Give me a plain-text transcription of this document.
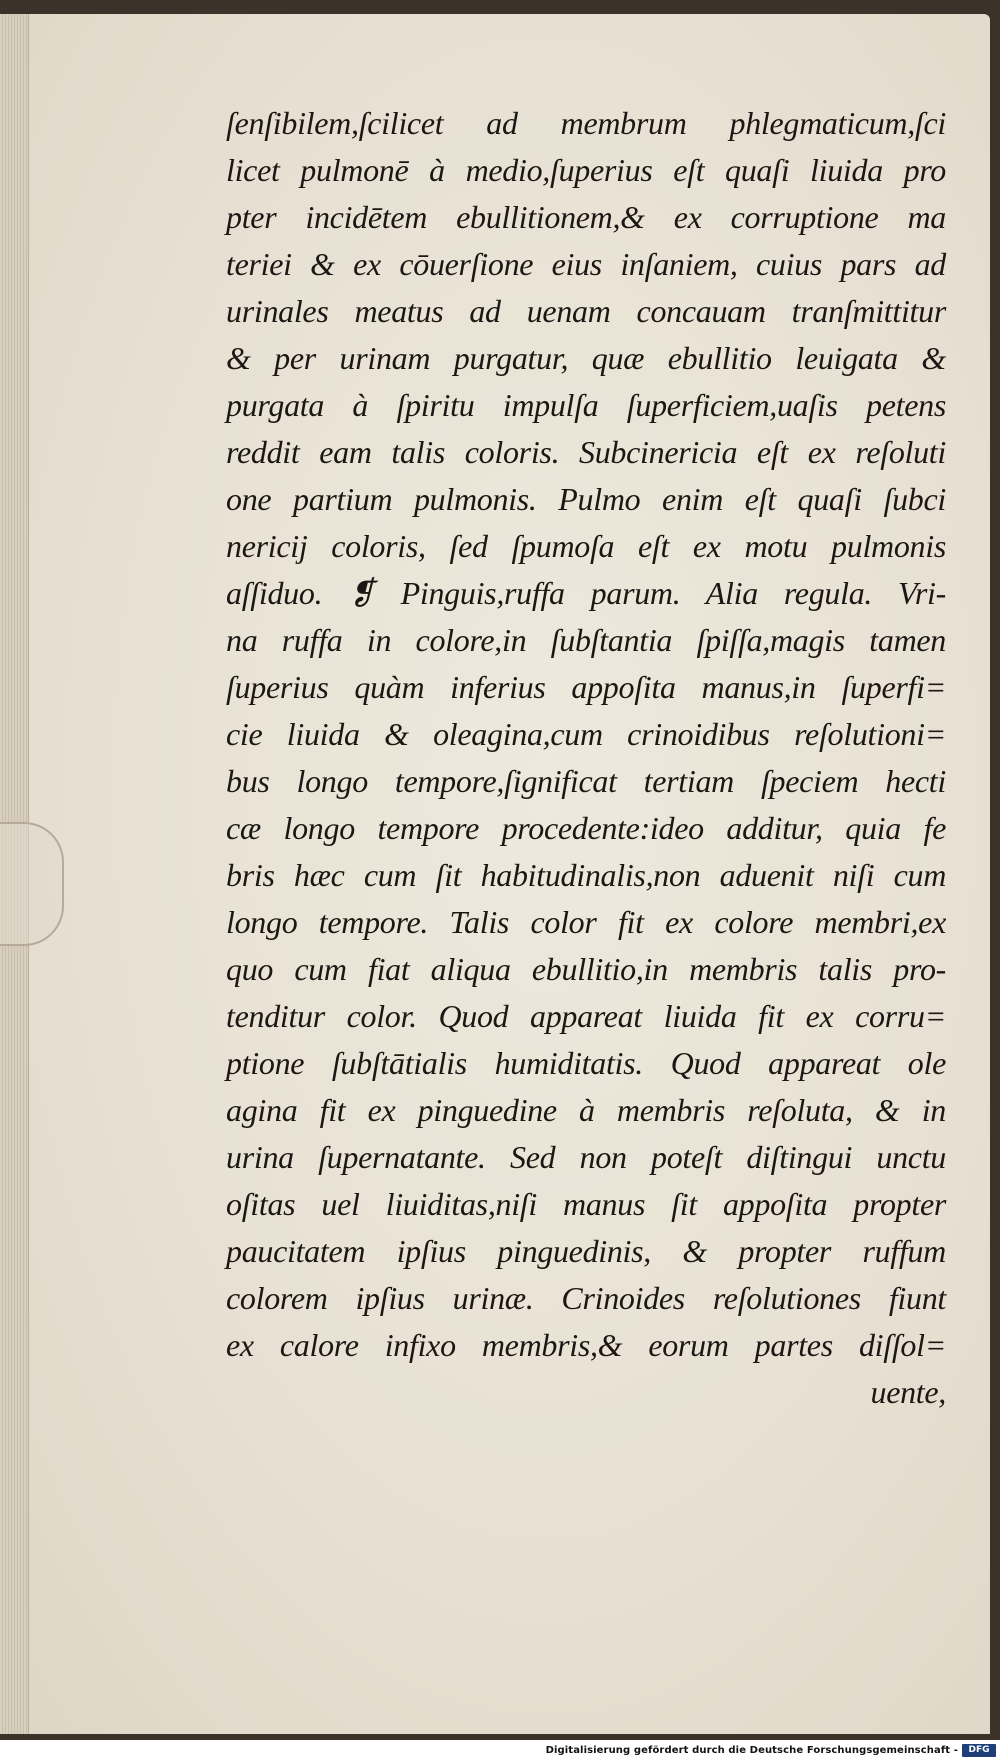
ſenſibilem,ſcilicet ad membrum phlegmaticum,ſci
licet pulmonē à medio,ſuperius eſt quaſi liuida pro
pter incidētem ebullitionem,& ex corruptione ma
teriei & ex cōuerſione eius inſaniem, cuius pars ad
urinales meatus ad uenam concauam tranſmittitur
& per urinam purgatur, quæ ebullitio leuigata &
purgata à ſpiritu impulſa ſuperficiem,uaſis petens
reddit eam talis coloris. Subcinericia eſt ex reſoluti
one partium pulmonis. Pulmo enim eſt quaſi ſubci
nericij coloris, ſed ſpumoſa eſt ex motu pulmonis
aſſiduo. ❡ Pinguis,ruffa parum. Alia regula. Vri-
na ruffa in colore,in ſubſtantia ſpiſſa,magis tamen
ſuperius quàm inferius appoſita manus,in ſuperfi=
cie liuida & oleagina,cum crinoidibus reſolutioni=
bus longo tempore,ſignificat tertiam ſpeciem hecti
cæ longo tempore procedente:ideo additur, quia fe
bris hæc cum ſit habitudinalis,non aduenit niſi cum
longo tempore. Talis color fit ex colore membri,ex
quo cum fiat aliqua ebullitio,in membris talis pro-
tenditur color. Quod appareat liuida fit ex corru=
ptione ſubſtātialis humiditatis. Quod appareat ole
agina fit ex pinguedine à membris reſoluta, & in
urina ſupernatante. Sed non poteſt diſtingui unctu
oſitas uel liuiditas,niſi manus ſit appoſita propter
paucitatem ipſius pinguedinis, & propter ruffum
colorem ipſius urinæ. Crinoides reſolutiones fiunt
ex calore infixo membris,& eorum partes diſſol=
uente,
Digitalisierung gefördert durch die Deutsche Forschungsgemeinschaft -	DFG
